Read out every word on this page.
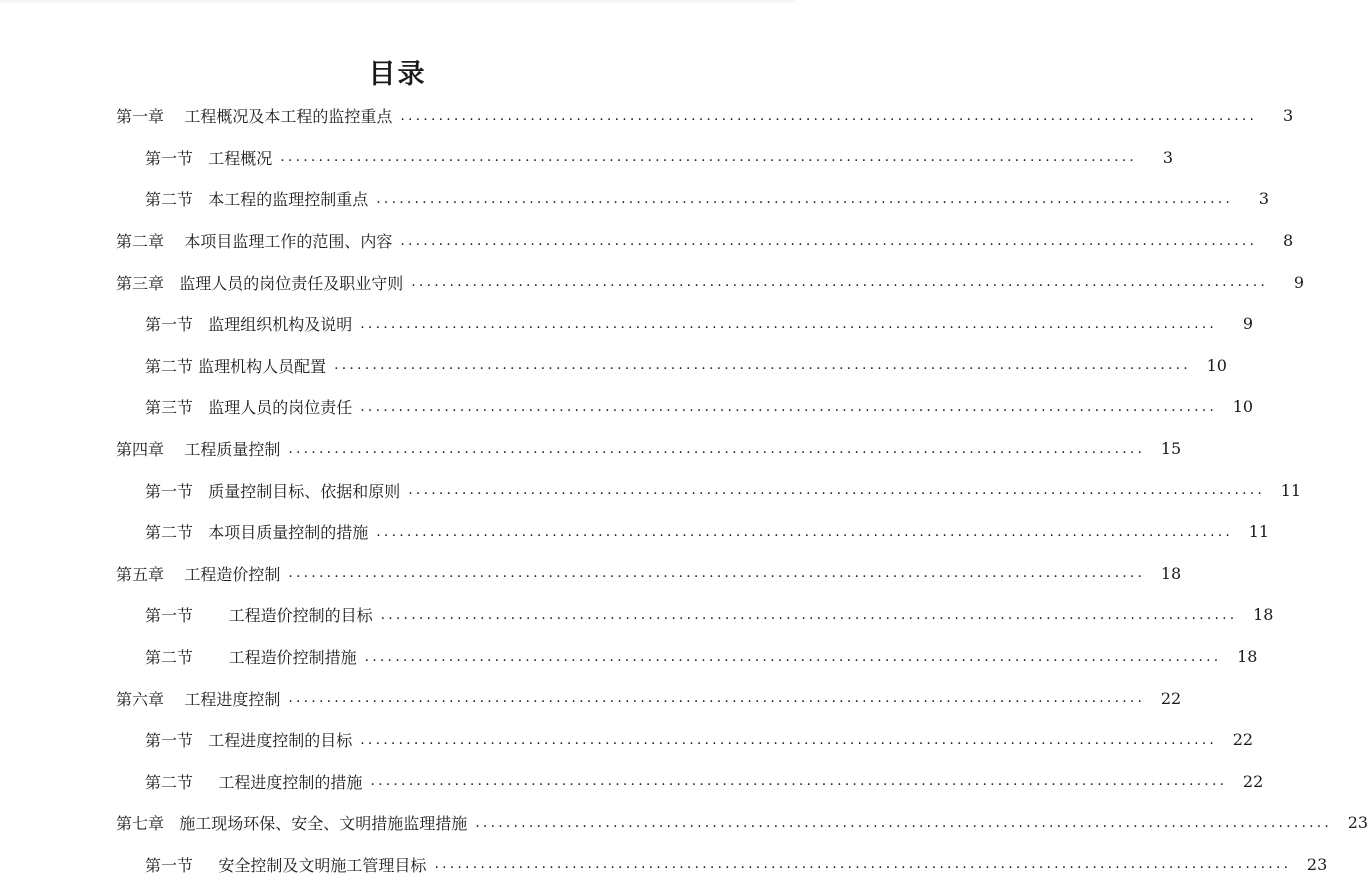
目录
第一章    工程概况及本工程的监控重点 ................................................................................................................	3
第一节   工程概况 ................................................................................................................	3
第二节   本工程的监理控制重点 ................................................................................................................	3
第二章    本项目监理工作的范围、内容 ................................................................................................................	8
第三章   监理人员的岗位责任及职业守则 ................................................................................................................	9
第一节   监理组织机构及说明 ................................................................................................................	9
第二节 监理机构人员配置 ................................................................................................................ 10
第三节   监理人员的岗位责任 ................................................................................................................ 10
第四章    工程质量控制 ................................................................................................................ 15
第一节   质量控制目标、依据和原则 ................................................................................................................ 11
第二节   本项目质量控制的措施 ................................................................................................................ 11
第五章    工程造价控制 ................................................................................................................ 18
第一节       工程造价控制的目标 ................................................................................................................ 18
第二节       工程造价控制措施 ................................................................................................................ 18
第六章    工程进度控制 ................................................................................................................ 22
第一节   工程进度控制的目标 ................................................................................................................ 22
第二节     工程进度控制的措施 ................................................................................................................ 22
第七章   施工现场环保、安全、文明措施监理措施 ................................................................................................................ 23
第一节     安全控制及文明施工管理目标 ................................................................................................................ 23
